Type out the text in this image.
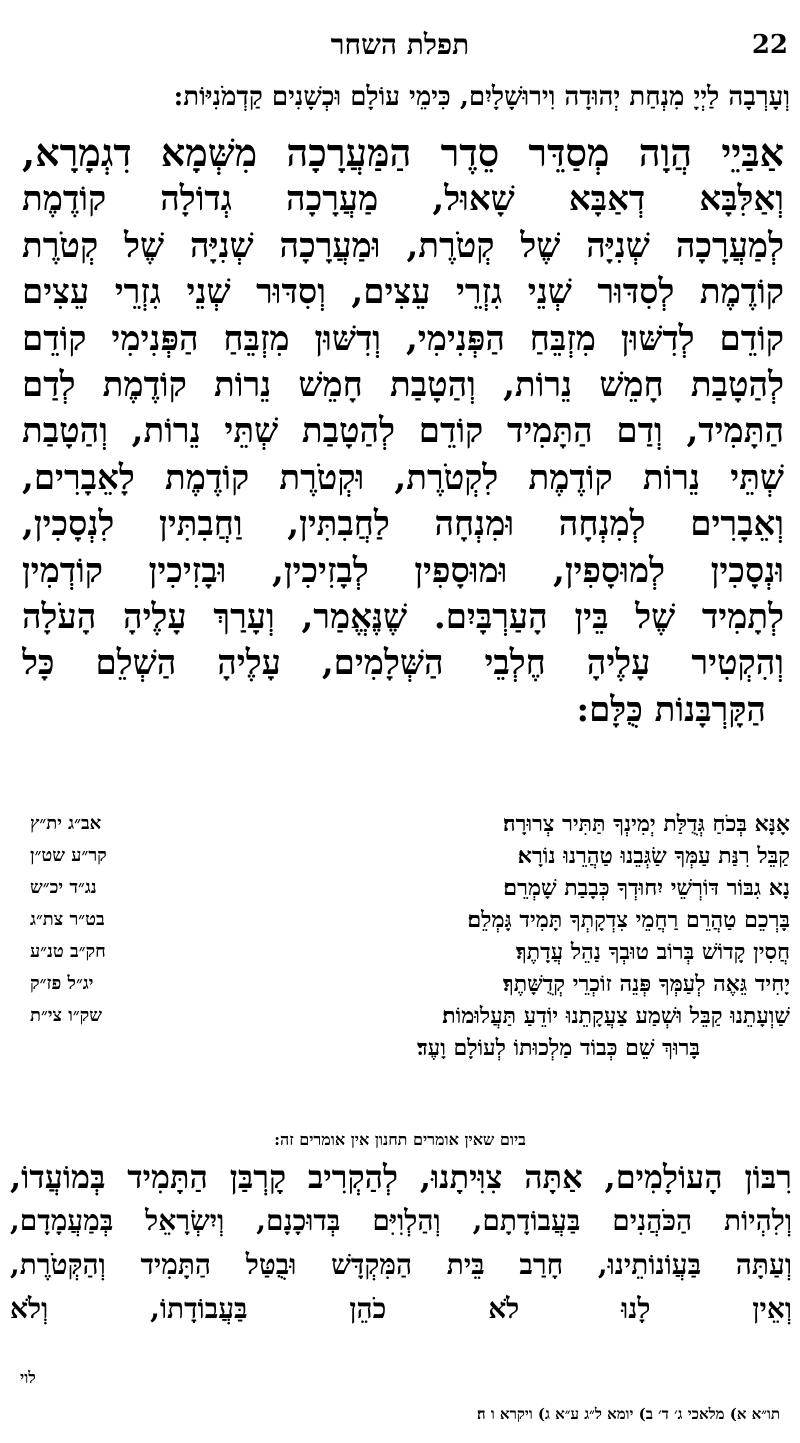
22
תפלת השחר
וְעָרְבָה לַיְיָ מִנְחַת יְהוּדָה וִירוּשָׁלָיִם, כִּימֵי עוֹלָם וּכְשָׁנִים קַדְמֹנִיּוֹת:
אַבַּיֵי הֲוָה מְסַדֵּר סֵדֶר הַמַּעֲרָכָה מִשְּׁמָא דִגְמָרָא,
וְאַלִּבָּא דְאַבָּא שָׁאוּל, מַעֲרָכָה גְדוֹלָה קוֹדֶמֶת
לְמַעֲרָכָה שְׁנִיָּה שֶׁל קְטֹרֶת, וּמַעֲרָכָה שְׁנִיָּה שֶׁל קְטֹרֶת
קוֹדֶמֶת לְסִדּוּר שְׁנֵי גִזְרֵי עֵצִים, וְסִדּוּר שְׁנֵי גִזְרֵי עֵצִים
קוֹדֵם לְדִשּׁוּן מִזְבֵּחַ הַפְּנִימִי, וְדִשּׁוּן מִזְבֵּחַ הַפְּנִימִי קוֹדֵם
לְהַטָבַת חָמֵשׁ נֵרוֹת, וְהַטָבַת חָמֵשׁ נֵרוֹת קוֹדֶמֶת לְדַם
הַתָּמִיד, וְדַם הַתָּמִיד קוֹדֵם לְהַטָבַת שְׁתֵּי נֵרוֹת, וְהַטָבַת
שְׁתֵּי נֵרוֹת קוֹדֶמֶת לִקְטֹרֶת, וּקְטֹרֶת קוֹדֶמֶת לָאֵבָרִים,
וְאֵבָרִים לְמִנְחָה וּמִנְחָה לַחֲבִתִּין, וַחֲבִתִּין לִנְסָכִין,
וּנְסָכִין לְמוּסָפִין, וּמוּסָפִין לְבָזִיכִין, וּבָזִיכִין קוֹדְמִין
לְתָמִיד שֶׁל בֵּין הָעַרְבָּיִם. שֶׁנֶּאֱמַר, וְעָרַךְ עָלֶיהָ הָעֹלָה
וְהִקְטִיר עָלֶיהָ חֶלְבֵי הַשְּׁלָמִים, עָלֶיהָ הַשְׁלֵם כָּל
הַקָּרְבָּנוֹת כֻּלָּם:
אָנָּא בְּכֹחַ גְּדֻלַּת יְמִינְךָ תַּתִּיר צְרוּרָה׃
אב״ג ית״ץ
קַבֵּל רִנַּת עַמְּךָ שַׂגְּבֵנוּ טַהֲרֵנוּ נוֹרָא׃
קר״ע שט״ן
נָא גִבּוֹר דּוֹרְשֵׁי יִחוּדְךָ כְּבָבַת שָׁמְרֵם׃
נג״ד יכ״ש
בָּרְכֵם טַהֲרֵם רַחֲמֵי צִדְקָתְךָ תָּמִיד גָּמְלֵם׃
בט״ר צת״ג
חֲסִין קָדוֹשׁ בְּרוֹב טוּבְךָ נַהֵל עֲדָתֶךָ׃
חק״ב טנ״ע
יָחִיד גֵּאֶה לְעַמְּךָ פְּנֵה זוֹכְרֵי קְדֻשָּׁתֶךָ׃
יג״ל פז״ק
שַׁוְעָתֵנוּ קַבֵּל וּשְׁמַע צַעֲקָתֵנוּ יוֹדֵעַ תַּעֲלוּמוֹת׃
שק״ו צי״ת
בָּרוּךְ שֵׁם כְּבוֹד מַלְכוּתוֹ לְעוֹלָם וָעֶד׃
ביום שאין אומרים תחנון אין אומרים זה:
רִבּוֹן הָעוֹלָמִים, אַתָּה צִוִּיתָנוּ, לְהַקְרִיב קָרְבַּן הַתָּמִיד בְּמוֹעֲדוֹ,
וְלִהְיוֹת הַכֹּהֲנִים בַּעֲבוֹדָתָם, וְהַלְוִיִּם בְּדוּכָנָם, וְיִשְׂרָאֵל בְּמַעֲמָדָם,
וְעַתָּה בַּעֲוֹנוֹתֵינוּ, חָרַב בֵּית הַמִּקְדָּשׁ וּבֻטַּל הַתָּמִיד וְהַקְּטֹרֶת,
וְאֵין לָנוּ לֹא כֹהֵן בַּעֲבוֹדָתוֹ, וְלֹא
לוי
תו״א א) מלאכי ג׳ ד׳ ב) יומא ל״ג ע״א ג) ויקרא ו ה׃
